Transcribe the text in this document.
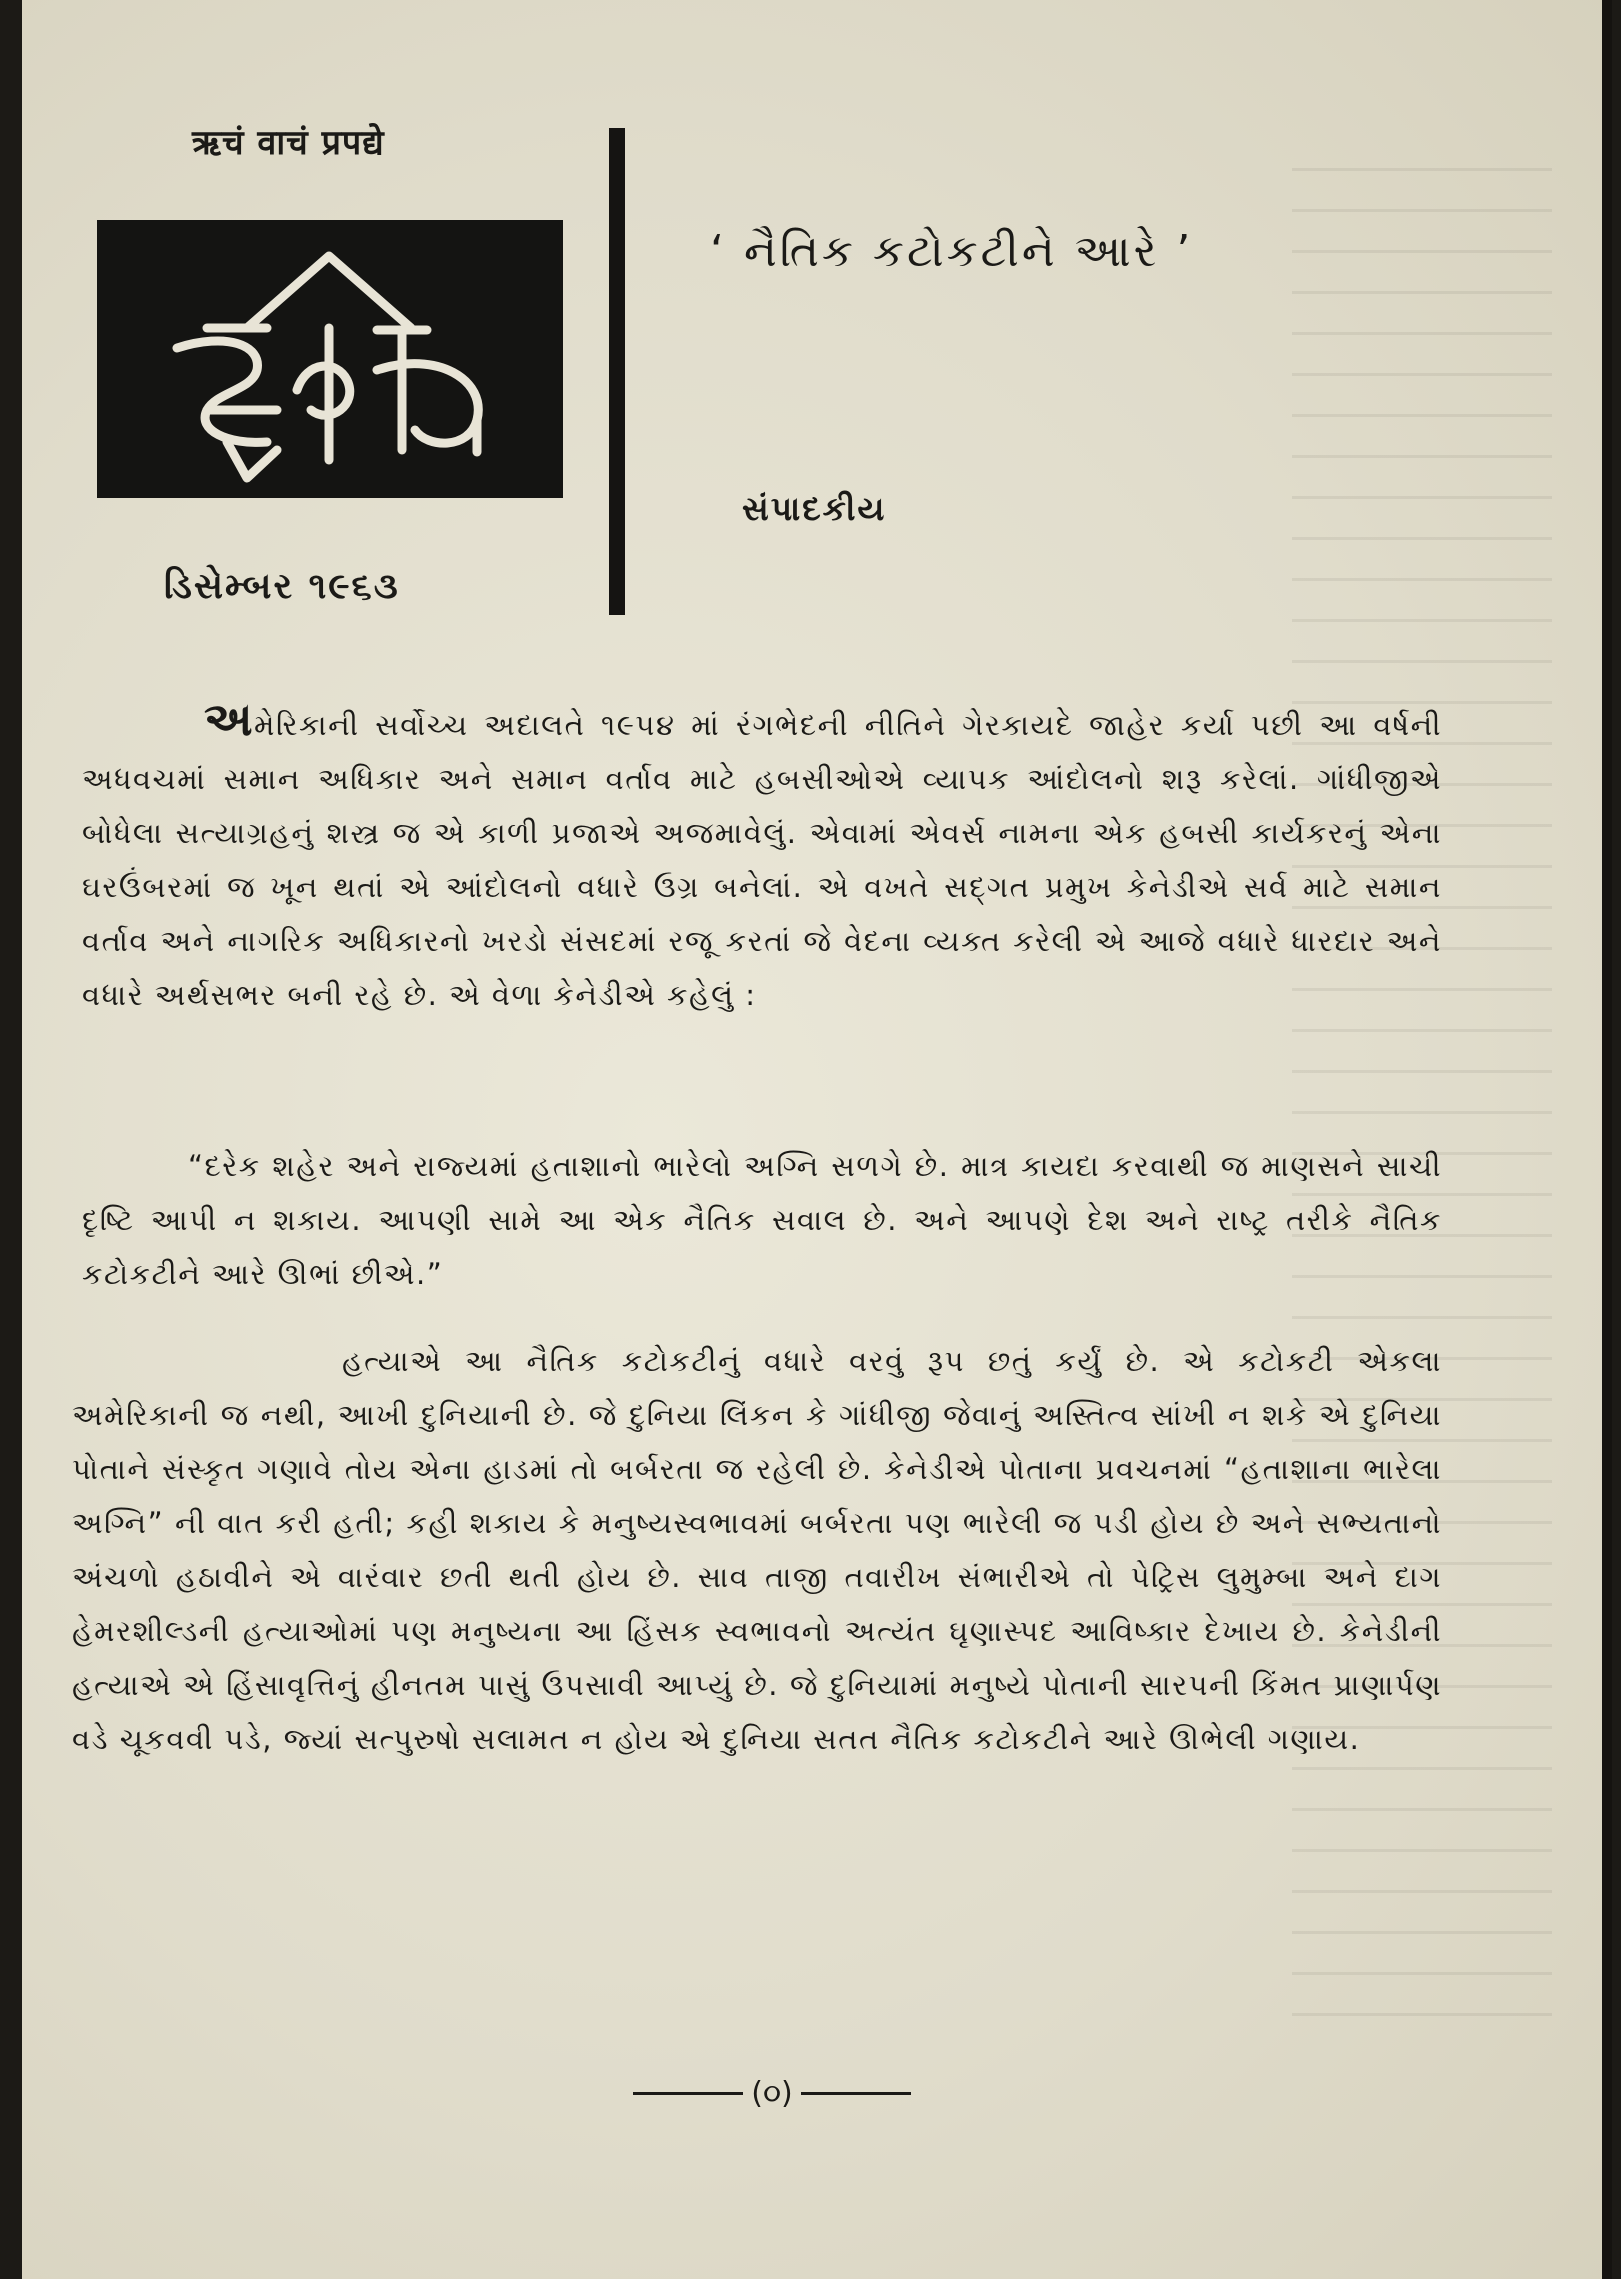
ऋचं वाचं प्रपद्ये
ડિસેમ્બર ૧૯૬૩
‘ નૈતિક કટોકટીને આરે ’
સંપાદકીય
અમેરિકાની સર્વોચ્ચ અદાલતે ૧૯૫૪ માં રંગભેદની નીતિને ગેરકાયદે જાહેર કર્યા પછી આ વર્ષની અધવચમાં સમાન અધિકાર અને સમાન વર્તાવ માટે હબસીઓએ વ્યાપક આંદોલનો શરૂ કરેલાં. ગાંધીજીએ બોધેલા સત્યાગ્રહનું શસ્ત્ર જ એ કાળી પ્રજાએ અજમાવેલું. એવામાં એવર્સ નામના એક હબસી કાર્યકરનું એના ઘરઉંબરમાં જ ખૂન થતાં એ આંદોલનો વધારે ઉગ્ર બનેલાં. એ વખતે સદ્ગત પ્રમુખ કેનેડીએ સર્વ માટે સમાન વર્તાવ અને નાગરિક અધિકારનો ખરડો સંસદમાં રજૂ કરતાં જે વેદના વ્યક્ત કરેલી એ આજે વધારે ધારદાર અને વધારે અર્થસભર બની રહે છે. એ વેળા કેનેડીએ કહેલું :
“દરેક શહેર અને રાજ્યમાં હતાશાનો ભારેલો અગ્નિ સળગે છે. માત્ર કાયદા કરવાથી જ માણસને સાચી દૃષ્ટિ આપી ન શકાય. આપણી સામે આ એક નૈતિક સવાલ છે. અને આપણે દેશ અને રાષ્ટ્ર તરીકે નૈતિક કટોકટીને આરે ઊભાં છીએ.”
હત્યાએ આ નૈતિક કટોકટીનું વધારે વરવું રૂપ છતું કર્યું છે. એ કટોકટી એકલા અમેરિકાની જ નથી, આખી દુનિયાની છે. જે દુનિયા લિંકન કે ગાંધીજી જેવાનું અસ્તિત્વ સાંખી ન શકે એ દુનિયા પોતાને સંસ્કૃત ગણાવે તોય એના હાડમાં તો બર્બરતા જ રહેલી છે. કેનેડીએ પોતાના પ્રવચનમાં “હતાશાના ભારેલા અગ્નિ” ની વાત કરી હતી; કહી શકાય કે મનુષ્યસ્વભાવમાં બર્બરતા પણ ભારેલી જ પડી હોય છે અને સભ્યતાનો અંચળો હઠાવીને એ વારંવાર છતી થતી હોય છે. સાવ તાજી તવારીખ સંભારીએ તો પેટ્રિસ લુમુમ્બા અને દાગ હેમરશીલ્ડની હત્યાઓમાં પણ મનુષ્યના આ હિંસક સ્વભાવનો અત્યંત ઘૃણાસ્પદ આવિષ્કાર દેખાય છે. કેનેડીની હત્યાએ એ હિંસાવૃત્તિનું હીનતમ પાસું ઉપસાવી આપ્યું છે. જે દુનિયામાં મનુષ્યે પોતાની સારપની કિંમત પ્રાણાર્પણ વડે ચૂકવવી પડે, જ્યાં સત્પુરુષો સલામત ન હોય એ દુનિયા સતત નૈતિક કટોકટીને આરે ઊભેલી ગણાય.
(૦)
